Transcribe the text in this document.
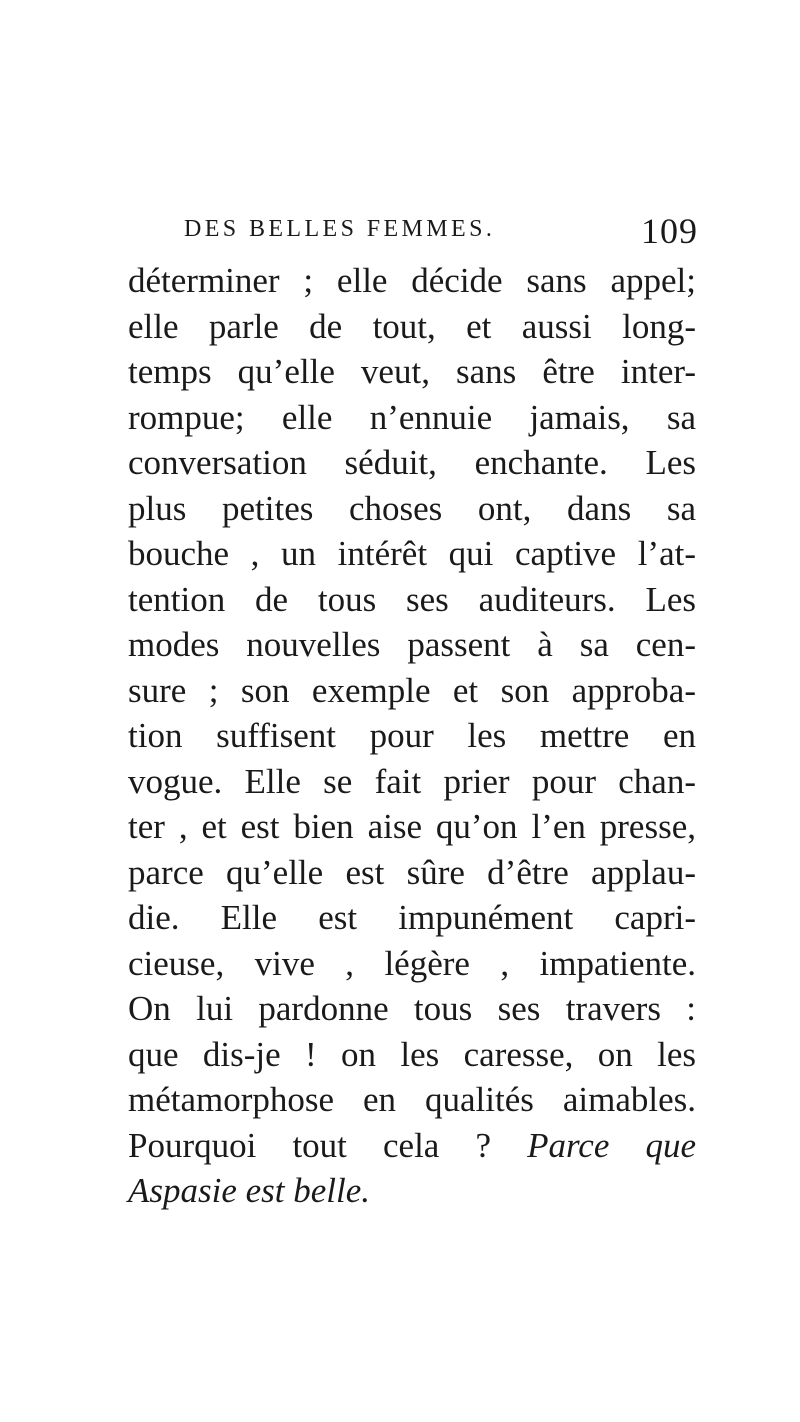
DES BELLES FEMMES.	109
déterminer ; elle décide sans appel;
elle parle de tout, et aussi long-
temps qu’elle veut, sans être inter-
rompue; elle n’ennuie jamais, sa
conversation séduit, enchante. Les
plus petites choses ont, dans sa
bouche , un intérêt qui captive l’at-
tention de tous ses auditeurs. Les
modes nouvelles passent à sa cen-
sure ; son exemple et son approba-
tion suffisent pour les mettre en
vogue. Elle se fait prier pour chan-
ter , et est bien aise qu’on l’en presse,
parce qu’elle est sûre d’être applau-
die. Elle est impunément capri-
cieuse, vive , légère , impatiente.
On lui pardonne tous ses travers :
que dis-je ! on les caresse, on les
métamorphose en qualités aimables.
Pourquoi tout cela ? Parce que
Aspasie est belle.
